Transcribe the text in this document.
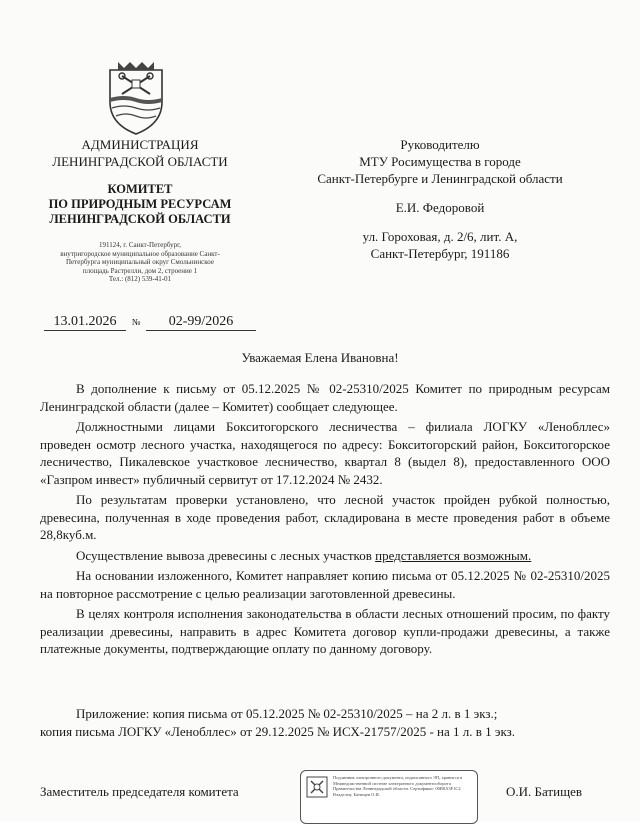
АДМИНИСТРАЦИЯ
ЛЕНИНГРАДСКОЙ ОБЛАСТИ
КОМИТЕТ
ПО ПРИРОДНЫМ РЕСУРСАМ
ЛЕНИНГРАДСКОЙ ОБЛАСТИ
191124, г. Санкт-Петербург,
внутригородское муниципальное образование Санкт-
Петербурга муниципальный округ Смольнинское
площадь Растрелли, дом 2, строение 1
Тел.: (812) 539-41-01
Руководителю
МТУ Росимущества в городе
Санкт-Петербурге и Ленинградской области
Е.И. Федоровой
ул. Гороховая, д. 2/6, лит. А,
Санкт-Петербург, 191186
13.01.2026 № 02-99/2026
Уважаемая Елена Ивановна!

В дополнение к письму от 05.12.2025 № 02-25310/2025 Комитет по природным ресурсам Ленинградской области (далее – Комитет) сообщает следующее.

Должностными лицами Бокситогорского лесничества – филиала ЛОГКУ «Ленобллес» проведен осмотр лесного участка, находящегося по адресу: Бокситогорский район, Бокситогорское лесничество, Пикалевское участковое лесничество, квартал 8 (выдел 8), предоставленного ООО «Газпром инвест» публичный сервитут от 17.12.2024 № 2432.

По результатам проверки установлено, что лесной участок пройден рубкой полностью, древесина, полученная в ходе проведения работ, складирована в месте проведения работ в объеме 28,8куб.м.

Осуществление вывоза древесины с лесных участков представляется возможным.

На основании изложенного, Комитет направляет копию письма от 05.12.2025 № 02-25310/2025 на повторное рассмотрение с целью реализации заготовленной древесины.

В целях контроля исполнения законодательства в области лесных отношений просим, по факту реализации древесины, направить в адрес Комитета договор купли-продажи древесины, а также платежные документы, подтверждающие оплату по данному договору.

Приложение: копия письма от 05.12.2025 № 02-25310/2025 – на 2 л. в 1 экз.;
копия письма ЛОГКУ «Ленобллес» от 29.12.2025 № ИСХ-21757/2025 - на 1 л. в 1 экз.
Заместитель председателя комитета
Подлинник электронного документа, подписанного ЭП, хранится в Межведомственной системе электронного документооборота Правительства Ленинградской области. Сертификат: 00B8A3F1C2 Владелец: Батищев О.И.	О.И. Батищев
